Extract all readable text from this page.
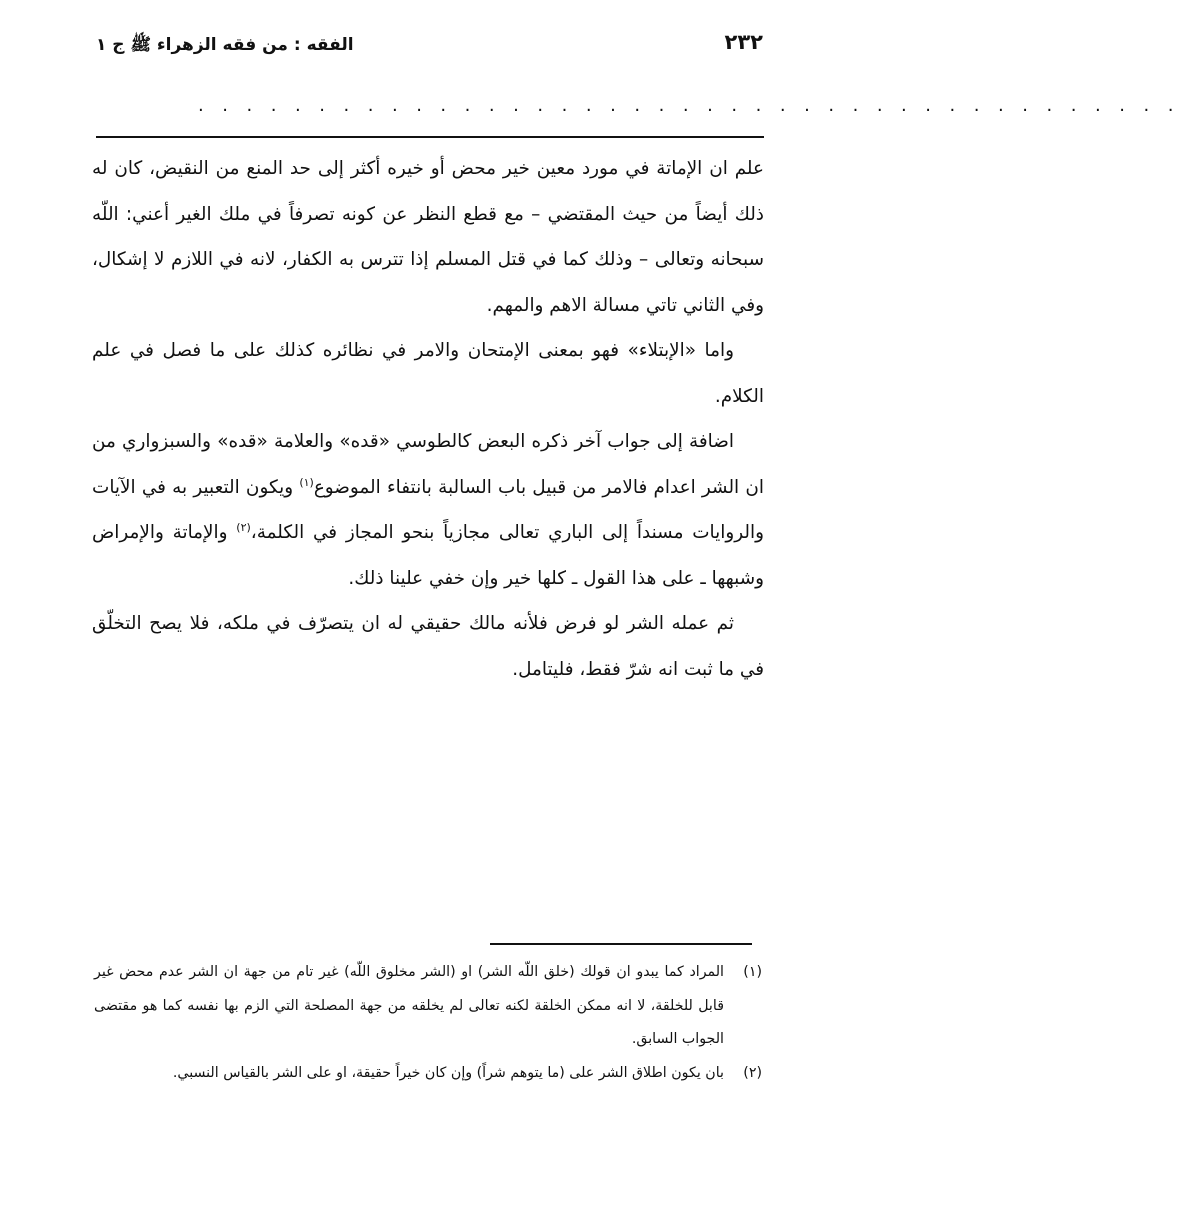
٢٣٢
الفقه : من فقه الزهراء ﷺ ج ١
. . . . . . . . . . . . . . . . . . . . . . . . . . . . . . . . . . . . . . . . .

علم ان الإماتة في مورد معين خير محض أو خيره أكثر إلى حد المنع من النقيض، كان له ذلك أيضاً من حيث المقتضي – مع قطع النظر عن كونه تصرفاً في ملك الغير أعني: اللّه سبحانه وتعالى – وذلك كما في قتل المسلم إذا تترس به الكفار، لانه في اللازم لا إشكال، وفي الثاني تاتي مسالة الاهم والمهم.

واما «الإبتلاء» فهو بمعنى الإمتحان والامر في نظائره كذلك على ما فصل في علم الكلام.

اضافة إلى جواب آخر ذكره البعض كالطوسي «قده» والعلامة «قده» والسبزواري من ان الشر اعدام فالامر من قبيل باب السالبة بانتفاء الموضوع$^{(١)}$ ويكون التعبير به في الآيات والروايات مسنداً إلى الباري تعالى مجازياً بنحو المجاز في الكلمة،$^{(٢)}$ والإماتة والإمراض وشبهها ـ على هذا القول ـ كلها خير وإن خفي علينا ذلك.

ثم عمله الشر لو فرض فلأنه مالك حقيقي له ان يتصرّف في ملكه، فلا يصح التخلّق في ما ثبت انه شرّ فقط، فليتامل.

(١)
المراد كما يبدو ان قولك (خلق اللّه الشر) او (الشر مخلوق اللّه) غير تام من جهة ان الشر عدم محض غير قابل للخلقة، لا انه ممكن الخلقة لكنه تعالى لم يخلقه من جهة المصلحة التي الزم بها نفسه كما هو مقتضى الجواب السابق.

(٢)
بان يكون اطلاق الشر على (ما يتوهم شراً) وإن كان خيراً حقيقة، او على الشر بالقياس النسبي.
